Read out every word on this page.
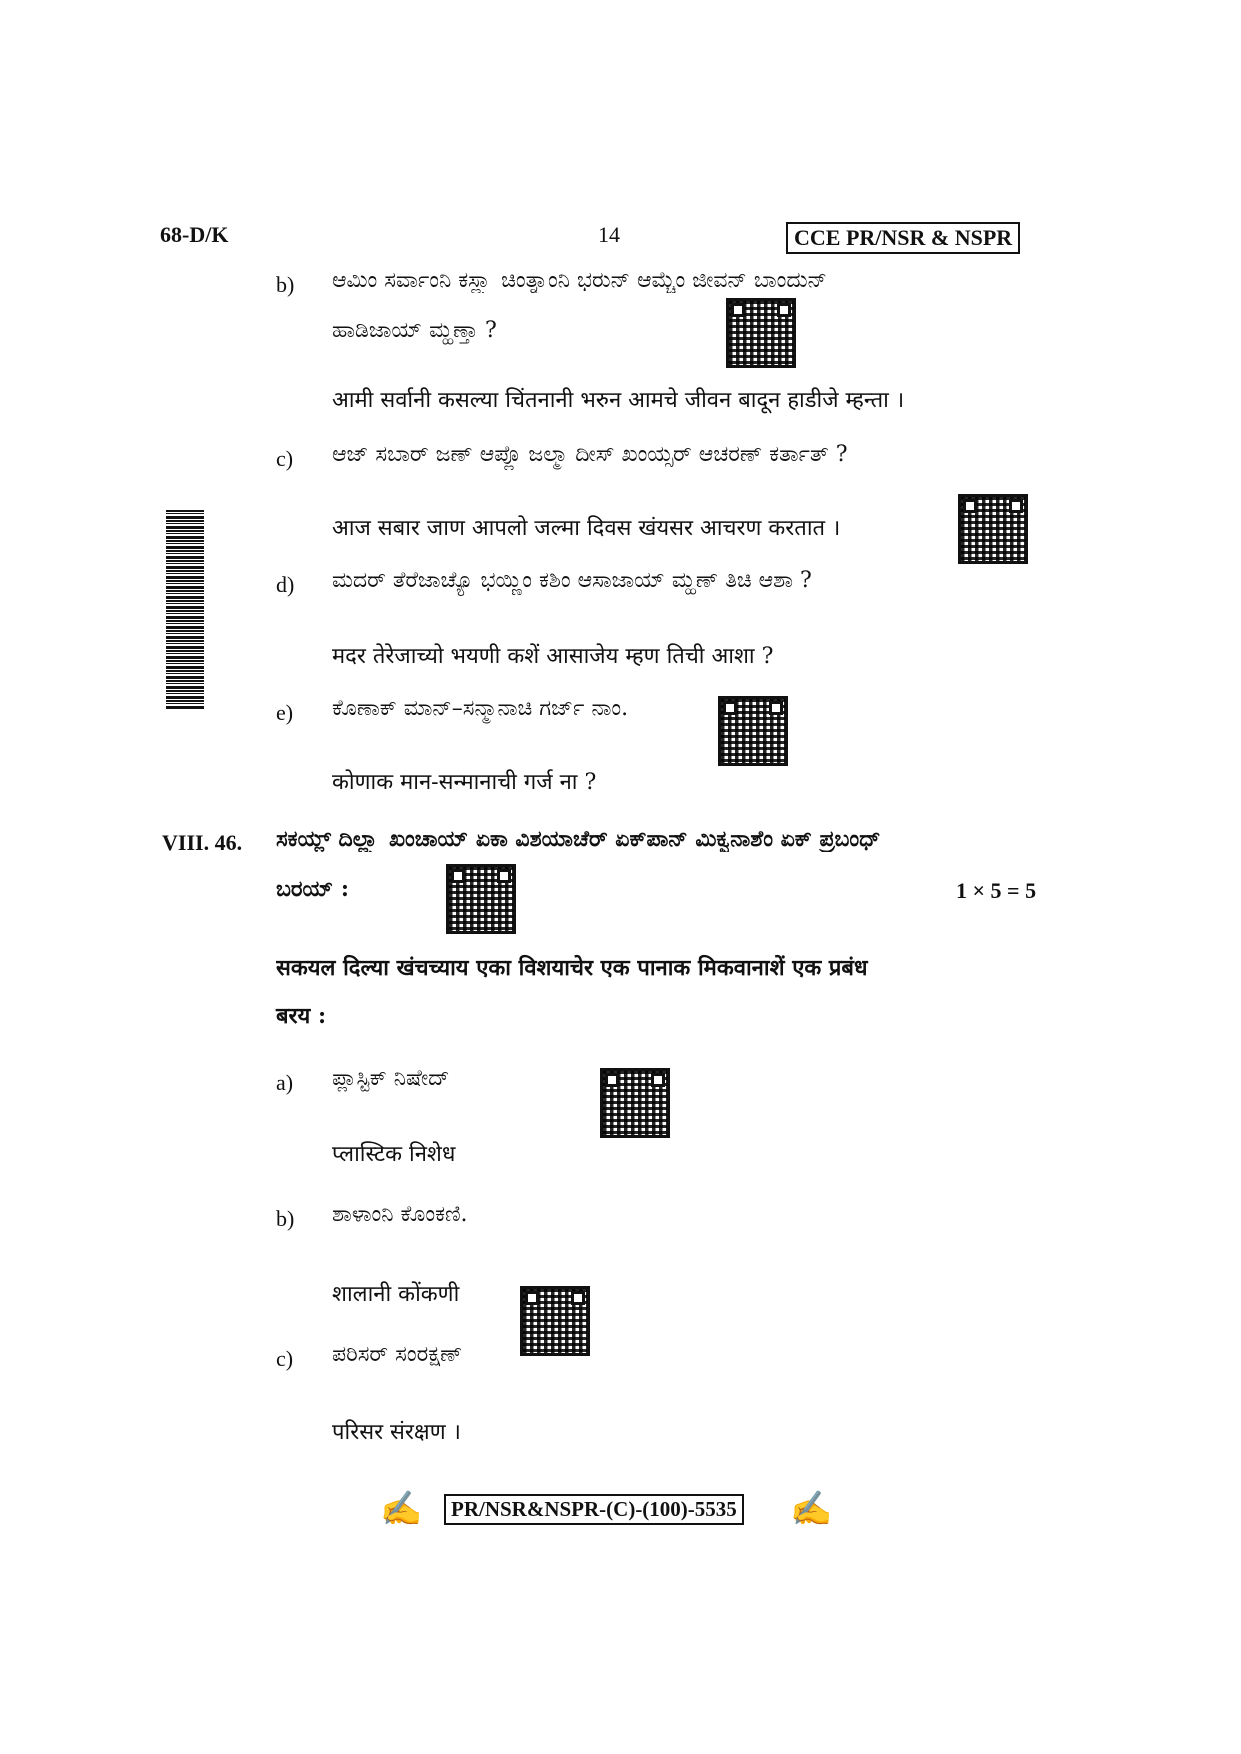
68-D/K	14	CCE PR/NSR & NSPR
b) ಆಮಿಂ ಸರ್ವಾಂನಿ ಕಸ್ಲ್ಯಾ ಚಿಂತ್ನಾಂನಿ ಭರುನ್ ಆಮ್ಚೆಂ ಜೀವನ್ ಬಾಂದುನ್
ಹಾಡಿಜಾಯ್ ಮ್ಹಣ್ತಾ ?
आमी सर्वानी कसल्या चिंतनानी भरुन आमचे जीवन बादून हाडीजे म्हन्ता ।
c) ಆಜ್ ಸಬಾರ್ ಜಣ್ ಆಪ್ಲೊ ಜಲ್ಮಾ ದೀಸ್ ಖಂಯ್ಸರ್ ಆಚರಣ್ ಕರ್ತಾತ್ ?
आज सबार जाण आपलो जल्मा दिवस खंयसर आचरण करतात ।
d) ಮದರ್ ತೆರೆಜಾಚ್ಯೊ ಭಯ್ಣಿಂ ಕಶಿಂ ಆಸಾಜಾಯ್ ಮ್ಹಣ್ ತಿಚಿ ಆಶಾ ?
मदर तेरेजाच्यो भयणी कशें आसाजेय म्हण तिची आशा ?
e) ಕೊಣಾಕ್ ಮಾನ್–ಸನ್ಮಾನಾಚಿ ಗರ್ಜ್ ನಾಂ.
कोणाक मान-सन्मानाची गर्ज ना ?
VIII. 46. ಸಕಯ್ಲ್ ದಿಲ್ಲ್ಯಾ ಖಂಚಾಯ್ ಏಕಾ ವಿಶಯಾಚೆರ್ ಏಕ್‌ಪಾನ್ ಮಿಕ್ವನಾಶೆಂ ಏಕ್ ಪ್ರಬಂಧ್
ಬರಯ್ :	1 × 5 = 5
सकयल दिल्या खंचच्याय एका विशयाचेर एक पानाक मिकवानाशें एक प्रबंध
बरय :
a) ಪ್ಲಾಸ್ಟಿಕ್ ನಿಷೇದ್
प्लास्टिक निशेध
b) ಶಾಳಾಂನಿ ಕೊಂಕಣಿ.
शालानी कोंकणी
c) ಪರಿಸರ್ ಸಂರಕ್ಷಣ್
परिसर संरक्षण ।
✍	PR/NSR&NSPR-(C)-(100)-5535 ✍
